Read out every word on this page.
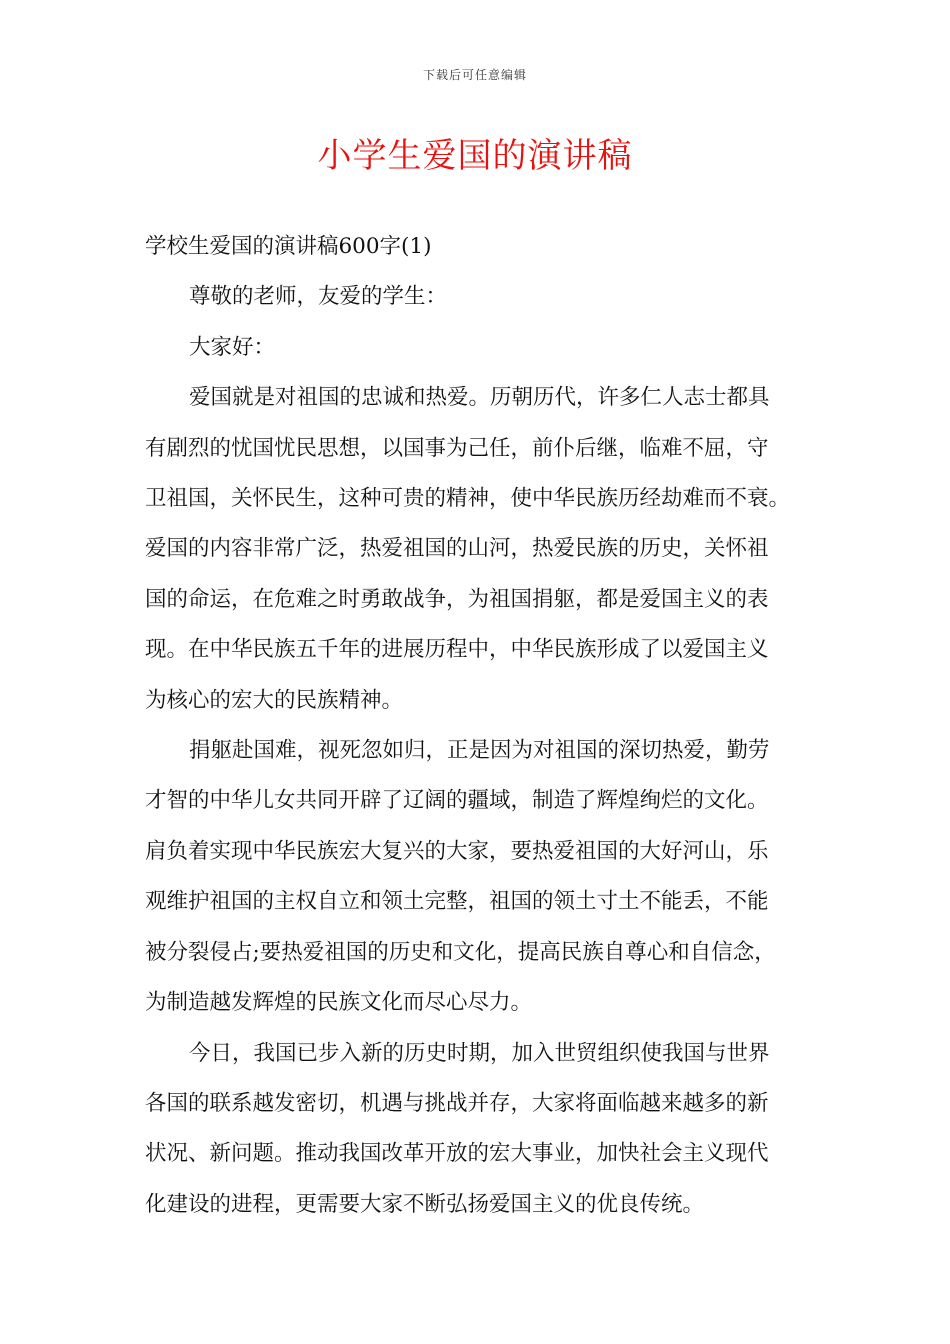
下载后可任意编辑
小学生爱国的演讲稿

学校生爱国的演讲稿600字(1)

尊敬的老师，友爱的学生：

大家好：

爱国就是对祖国的忠诚和热爱。历朝历代，许多仁人志士都具

有剧烈的忧国忧民思想，以国事为己任，前仆后继，临难不屈，守

卫祖国，关怀民生，这种可贵的精神，使中华民族历经劫难而不衰。

爱国的内容非常广泛，热爱祖国的山河，热爱民族的历史，关怀祖

国的命运，在危难之时勇敢战争，为祖国捐躯，都是爱国主义的表

现。在中华民族五千年的进展历程中，中华民族形成了以爱国主义

为核心的宏大的民族精神。

捐躯赴国难，视死忽如归，正是因为对祖国的深切热爱，勤劳

才智的中华儿女共同开辟了辽阔的疆域，制造了辉煌绚烂的文化。

肩负着实现中华民族宏大复兴的大家，要热爱祖国的大好河山，乐

观维护祖国的主权自立和领土完整，祖国的领土寸土不能丢，不能

被分裂侵占;要热爱祖国的历史和文化，提高民族自尊心和自信念，

为制造越发辉煌的民族文化而尽心尽力。

今日，我国已步入新的历史时期，加入世贸组织使我国与世界

各国的联系越发密切，机遇与挑战并存，大家将面临越来越多的新

状况、新问题。推动我国改革开放的宏大事业，加快社会主义现代

化建设的进程，更需要大家不断弘扬爱国主义的优良传统。
